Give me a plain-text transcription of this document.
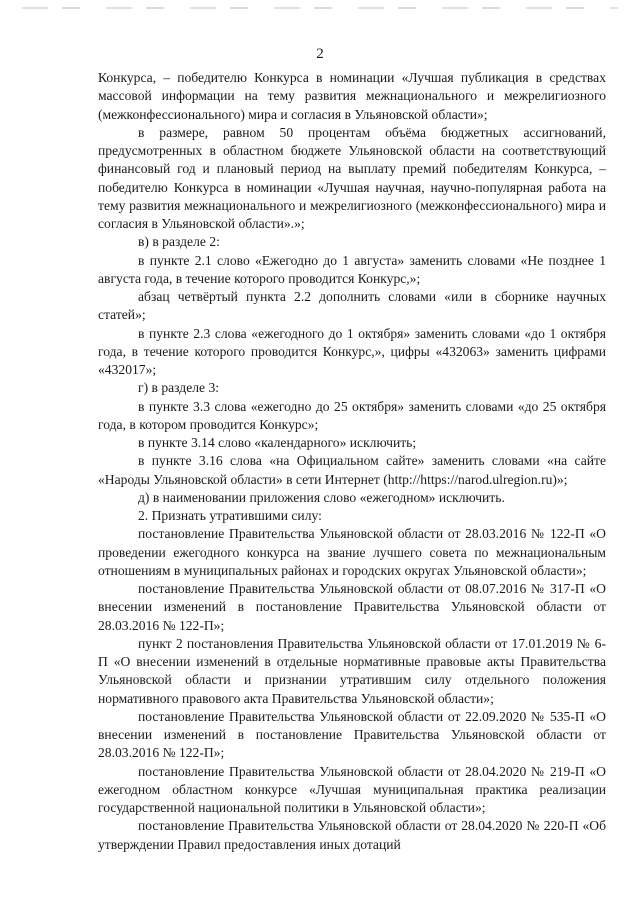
2

Конкурса, – победителю Конкурса в номинации «Лучшая публикация в средствах массовой информации на тему развития межнационального и межрелигиозного (межконфессионального) мира и согласия в Ульяновской области»;

в размере, равном 50 процентам объёма бюджетных ассигнований, предусмотренных в областном бюджете Ульяновской области на соответствующий финансовый год и плановый период на выплату премий победителям Конкурса, – победителю Конкурса в номинации «Лучшая научная, научно-популярная работа на тему развития межнационального и межрелигиозного (межконфессионального) мира и согласия в Ульяновской области».»;

в) в разделе 2:

в пункте 2.1 слово «Ежегодно до 1 августа» заменить словами «Не позднее 1 августа года, в течение которого проводится Конкурс,»;

абзац четвёртый пункта 2.2 дополнить словами «или в сборнике научных статей»;

в пункте 2.3 слова «ежегодного до 1 октября» заменить словами «до 1 октября года, в течение которого проводится Конкурс,», цифры «432063» заменить цифрами «432017»;

г) в разделе 3:

в пункте 3.3 слова «ежегодно до 25 октября» заменить словами «до 25 октября года, в котором проводится Конкурс»;

в пункте 3.14 слово «календарного» исключить;

в пункте 3.16 слова «на Официальном сайте» заменить словами «на сайте «Народы Ульяновской области» в сети Интернет (http://https://narod.ulregion.ru)»;

д) в наименовании приложения слово «ежегодном» исключить.

2. Признать утратившими силу:

постановление Правительства Ульяновской области от 28.03.2016 № 122-П «О проведении ежегодного конкурса на звание лучшего совета по межнациональным отношениям в муниципальных районах и городских округах Ульяновской области»;

постановление Правительства Ульяновской области от 08.07.2016 № 317-П «О внесении изменений в постановление Правительства Ульяновской области от 28.03.2016 № 122-П»;

пункт 2 постановления Правительства Ульяновской области от 17.01.2019 № 6-П «О внесении изменений в отдельные нормативные правовые акты Правительства Ульяновской области и признании утратившим силу отдельного положения нормативного правового акта Правительства Ульяновской области»;

постановление Правительства Ульяновской области от 22.09.2020 № 535-П «О внесении изменений в постановление Правительства Ульяновской области от 28.03.2016 № 122-П»;

постановление Правительства Ульяновской области от 28.04.2020 № 219-П «О ежегодном областном конкурсе «Лучшая муниципальная практика реализации государственной национальной политики в Ульяновской области»;

постановление Правительства Ульяновской области от 28.04.2020 № 220-П «Об утверждении Правил предоставления иных дотаций
